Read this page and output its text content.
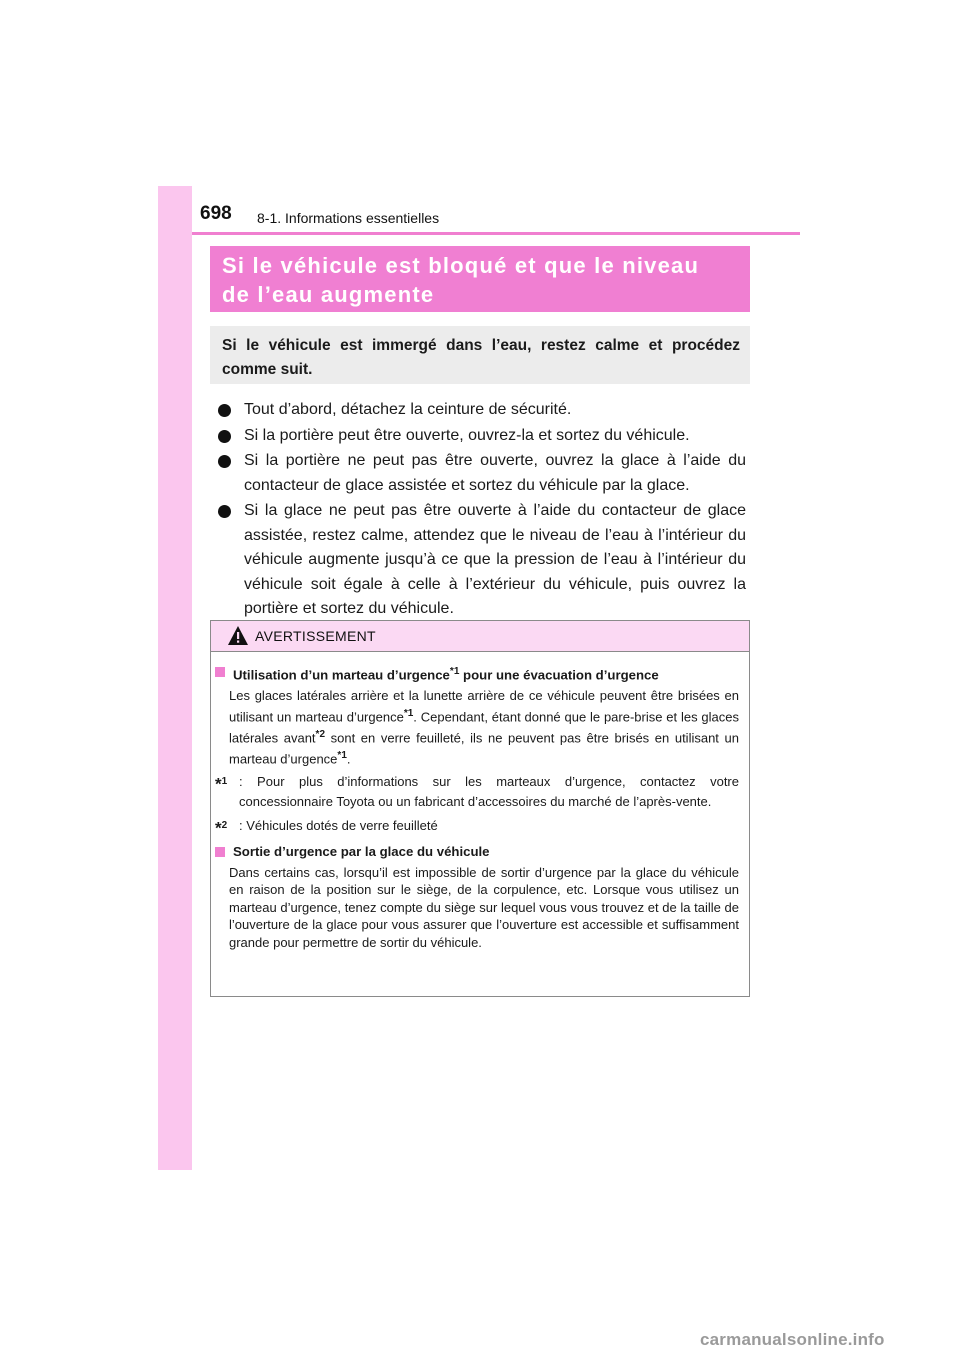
698 8-1. Informations essentielles
Si le véhicule est bloqué et que le niveau
de l’eau augmente
Si le véhicule est immergé dans l’eau, restez calme et procédez comme suit.
Tout d’abord, détachez la ceinture de sécurité.
Si la portière peut être ouverte, ouvrez-la et sortez du véhicule.
Si la portière ne peut pas être ouverte, ouvrez la glace à l’aide du contacteur de glace assistée et sortez du véhicule par la glace.
Si la glace ne peut pas être ouverte à l’aide du contacteur de glace assistée, restez calme, attendez que le niveau de l’eau à l’intérieur du véhicule augmente jusqu’à ce que la pression de l’eau à l’intérieur du véhicule soit égale à celle à l’extérieur du véhicule, puis ouvrez la portière et sortez du véhicule.
AVERTISSEMENT
Utilisation d’un marteau d’urgence$^{*1}$ pour une évacuation d’urgence
Les glaces latérales arrière et la lunette arrière de ce véhicule peuvent être brisées en utilisant un marteau d’urgence$^{*1}$. Cependant, étant donné que le pare-brise et les glaces latérales avant$^{*2}$ sont en verre feuilleté, ils ne peuvent pas être brisés en utilisant un marteau d’urgence$^{*1}$.
*$^1$ : Pour plus d’informations sur les marteaux d’urgence, contactez votre concessionnaire Toyota ou un fabricant d’accessoires du marché de l’après-vente.
*$^2$ : Véhicules dotés de verre feuilleté
Sortie d’urgence par la glace du véhicule
Dans certains cas, lorsqu’il est impossible de sortir d’urgence par la glace du véhicule en raison de la position sur le siège, de la corpulence, etc. Lorsque vous utilisez un marteau d’urgence, tenez compte du siège sur lequel vous vous trouvez et de la taille de l’ouverture de la glace pour vous assurer que l’ouverture est accessible et suffisamment grande pour permettre de sortir du véhicule.
carmanualsonline.info
